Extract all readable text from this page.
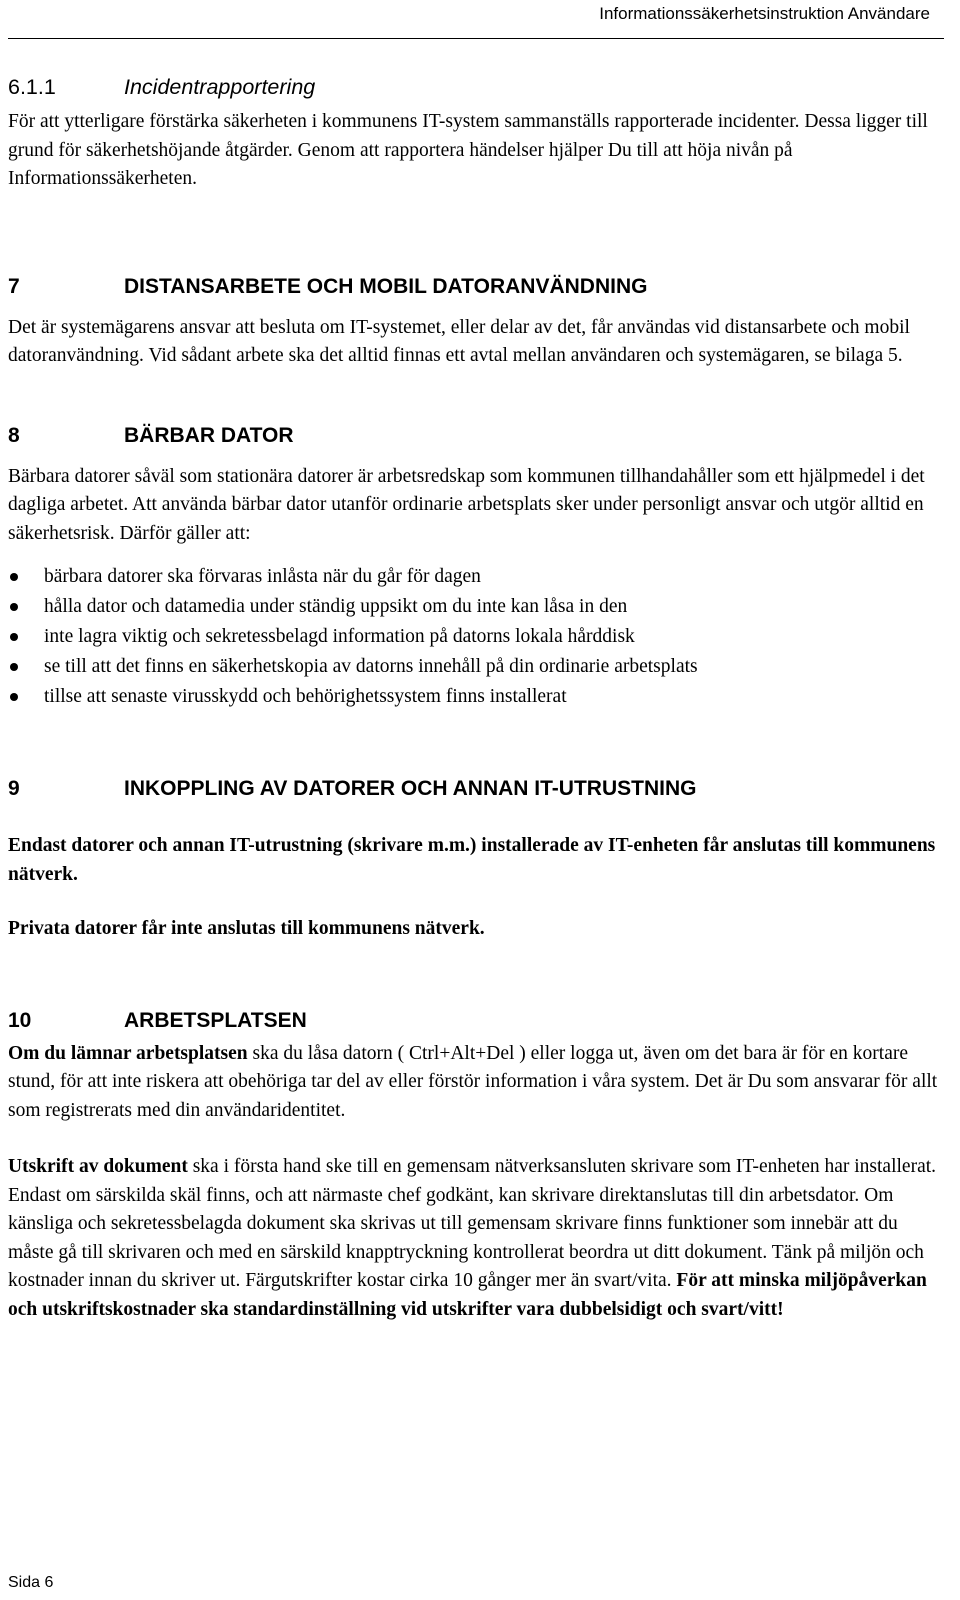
Informationssäkerhetsinstruktion Användare
6.1.1	Incidentrapportering

För att ytterligare förstärka säkerheten i kommunens IT-system sammanställs rapporterade incidenter. Dessa ligger till grund för säkerhetshöjande åtgärder. Genom att rapportera händelser hjälper Du till att höja nivån på Informationssäkerheten.

7	DISTANSARBETE OCH MOBIL DATORANVÄNDNING

Det är systemägarens ansvar att besluta om IT-systemet, eller delar av det, får användas vid distansarbete och mobil datoranvändning. Vid sådant arbete ska det alltid finnas ett avtal mellan användaren och systemägaren, se bilaga 5.

8	BÄRBAR DATOR

Bärbara datorer såväl som stationära datorer är arbetsredskap som kommunen tillhandahåller som ett hjälpmedel i det dagliga arbetet. Att använda bärbar dator utanför ordinarie arbetsplats sker under personligt ansvar och utgör alltid en säkerhetsrisk. Därför gäller att:

bärbara datorer ska förvaras inlåsta när du går för dagen
hålla dator och datamedia under ständig uppsikt om du inte kan låsa in den
inte lagra viktig och sekretessbelagd information på datorns lokala hårddisk
se till att det finns en säkerhetskopia av datorns innehåll på din ordinarie arbetsplats
tillse att senaste virusskydd och behörighetssystem finns installerat
9	INKOPPLING AV DATORER OCH ANNAN IT-UTRUSTNING

Endast datorer och annan IT-utrustning (skrivare m.m.) installerade av IT-enheten får anslutas till kommunens nätverk.

Privata datorer får inte anslutas till kommunens nätverk.

10	ARBETSPLATSEN

Om du lämnar arbetsplatsen ska du låsa datorn ( Ctrl+Alt+Del ) eller logga ut, även om det bara är för en kortare stund, för att inte riskera att obehöriga tar del av eller förstör information i våra system. Det är Du som ansvarar för allt som registrerats med din användaridentitet.

Utskrift av dokument ska i första hand ske till en gemensam nätverksansluten skrivare som IT-enheten har installerat. Endast om särskilda skäl finns, och att närmaste chef godkänt, kan skrivare direktanslutas till din arbetsdator. Om känsliga och sekretessbelagda dokument ska skrivas ut till gemensam skrivare finns funktioner som innebär att du måste gå till skrivaren och med en särskild knapptryckning kontrollerat beordra ut ditt dokument. Tänk på miljön och kostnader innan du skriver ut. Färgutskrifter kostar cirka 10 gånger mer än svart/vita. För att minska miljöpåverkan och utskriftskostnader ska standardinställning vid utskrifter vara dubbelsidigt och svart/vitt!

Sida 6
